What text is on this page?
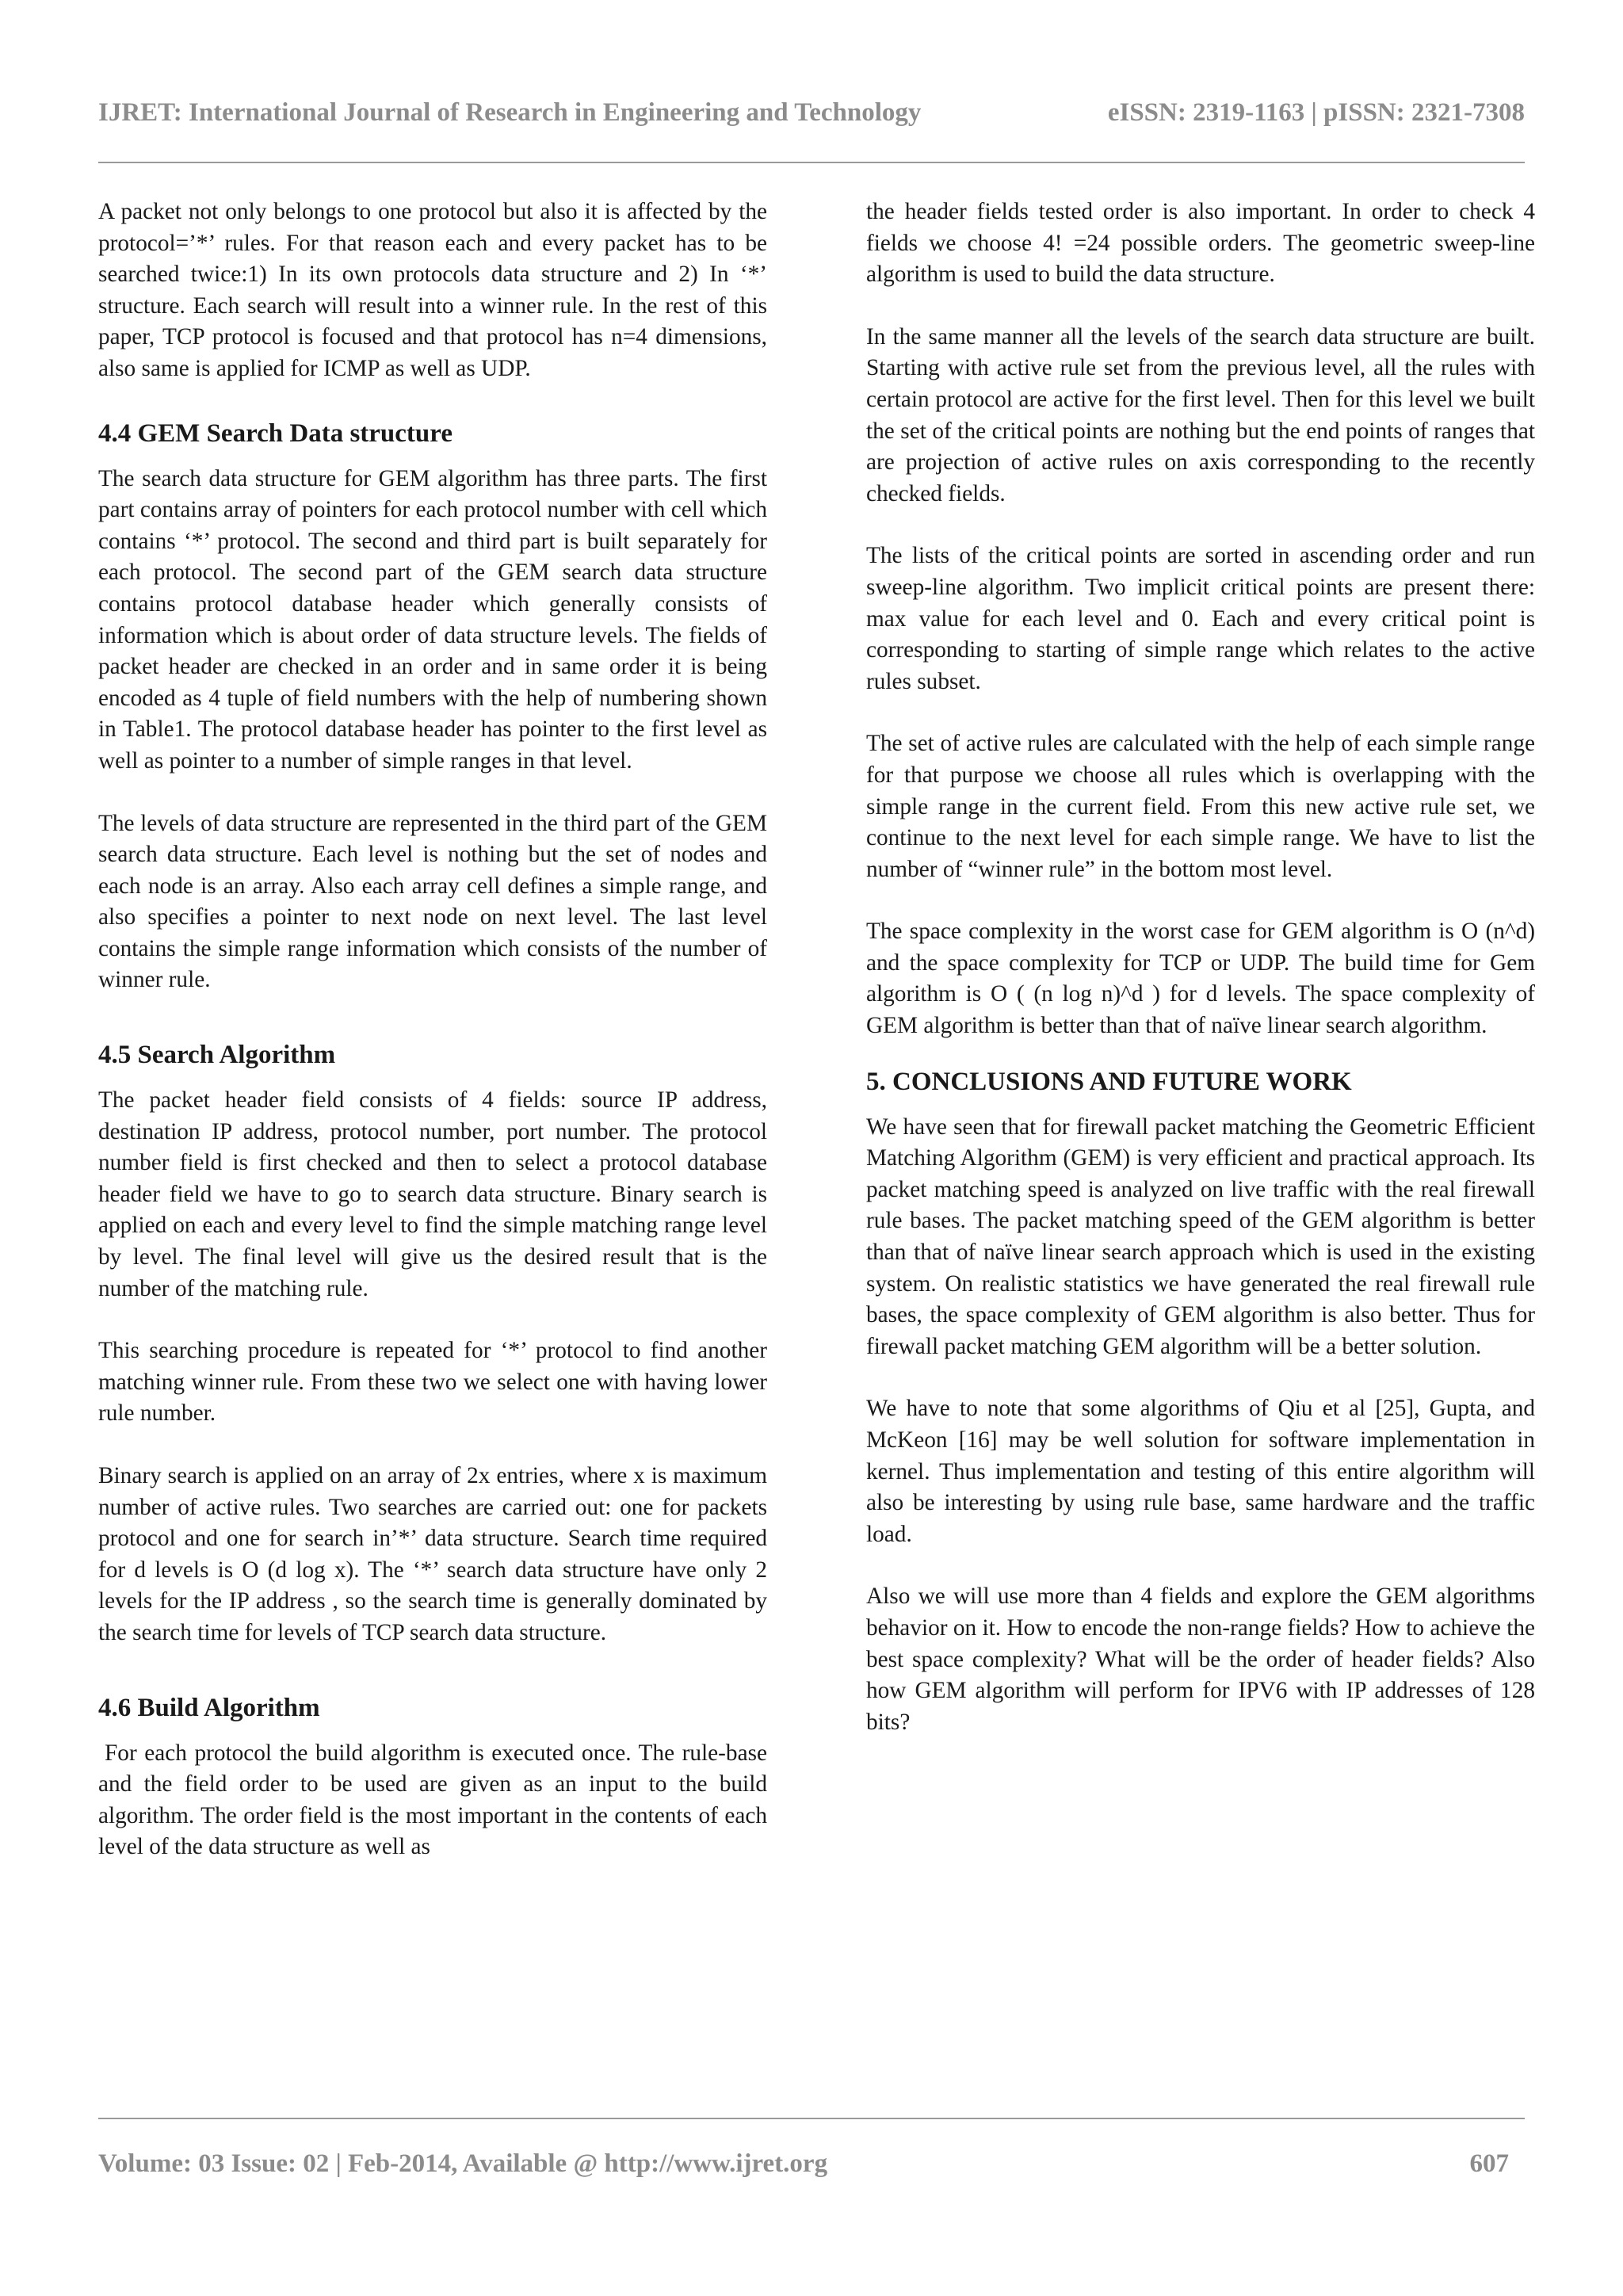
IJRET: International Journal of Research in Engineering and Technology	eISSN: 2319-1163 | pISSN: 2321-7308

A packet not only belongs to one protocol but also it is affected by the protocol=’*’ rules. For that reason each and every packet has to be searched twice:1) In its own protocols data structure and 2) In ‘*’ structure. Each search will result into a winner rule. In the rest of this paper, TCP protocol is focused and that protocol has n=4 dimensions, also same is applied for ICMP as well as UDP.

4.4 GEM Search Data structure

The search data structure for GEM algorithm has three parts. The first part contains array of pointers for each protocol number with cell which contains ‘*’ protocol. The second and third part is built separately for each protocol. The second part of the GEM search data structure contains protocol database header which generally consists of information which is about order of data structure levels. The fields of packet header are checked in an order and in same order it is being encoded as 4 tuple of field numbers with the help of numbering shown in Table1. The protocol database header has pointer to the first level as well as pointer to a number of simple ranges in that level.

The levels of data structure are represented in the third part of the GEM search data structure. Each level is nothing but the set of nodes and each node is an array. Also each array cell defines a simple range, and also specifies a pointer to next node on next level. The last level contains the simple range information which consists of the number of winner rule.

4.5 Search Algorithm

The packet header field consists of 4 fields: source IP address, destination IP address, protocol number, port number. The protocol number field is first checked and then to select a protocol database header field we have to go to search data structure. Binary search is applied on each and every level to find the simple matching range level by level. The final level will give us the desired result that is the number of the matching rule.

This searching procedure is repeated for ‘*’ protocol to find another matching winner rule. From these two we select one with having lower rule number.

Binary search is applied on an array of 2x entries, where x is maximum number of active rules. Two searches are carried out: one for packets protocol and one for search in’*’ data structure. Search time required for d levels is O (d log x). The ‘*’ search data structure have only 2 levels for the IP address , so the search time is generally dominated by the search time for levels of TCP search data structure.

4.6 Build Algorithm

For each protocol the build algorithm is executed once. The rule-base and the field order to be used are given as an input to the build algorithm. The order field is the most important in the contents of each level of the data structure as well as

the header fields tested order is also important. In order to check 4 fields we choose 4! =24 possible orders. The geometric sweep-line algorithm is used to build the data structure.

In the same manner all the levels of the search data structure are built. Starting with active rule set from the previous level, all the rules with certain protocol are active for the first level. Then for this level we built the set of the critical points are nothing but the end points of ranges that are projection of active rules on axis corresponding to the recently checked fields.

The lists of the critical points are sorted in ascending order and run sweep-line algorithm. Two implicit critical points are present there: max value for each level and 0. Each and every critical point is corresponding to starting of simple range which relates to the active rules subset.

The set of active rules are calculated with the help of each simple range for that purpose we choose all rules which is overlapping with the simple range in the current field. From this new active rule set, we continue to the next level for each simple range. We have to list the number of “winner rule” in the bottom most level.

The space complexity in the worst case for GEM algorithm is O (n^d) and the space complexity for TCP or UDP. The build time for Gem algorithm is O ( (n log n)^d ) for d levels. The space complexity of GEM algorithm is better than that of naïve linear search algorithm.

5. CONCLUSIONS AND FUTURE WORK

We have seen that for firewall packet matching the Geometric Efficient Matching Algorithm (GEM) is very efficient and practical approach. Its packet matching speed is analyzed on live traffic with the real firewall rule bases. The packet matching speed of the GEM algorithm is better than that of naïve linear search approach which is used in the existing system. On realistic statistics we have generated the real firewall rule bases, the space complexity of GEM algorithm is also better. Thus for firewall packet matching GEM algorithm will be a better solution.

We have to note that some algorithms of Qiu et al [25], Gupta, and McKeon [16] may be well solution for software implementation in kernel. Thus implementation and testing of this entire algorithm will also be interesting by using rule base, same hardware and the traffic load.

Also we will use more than 4 fields and explore the GEM algorithms behavior on it. How to encode the non-range fields? How to achieve the best space complexity? What will be the order of header fields? Also how GEM algorithm will perform for IPV6 with IP addresses of 128 bits?

Volume: 03 Issue: 02 | Feb-2014, Available @ http://www.ijret.org	607
